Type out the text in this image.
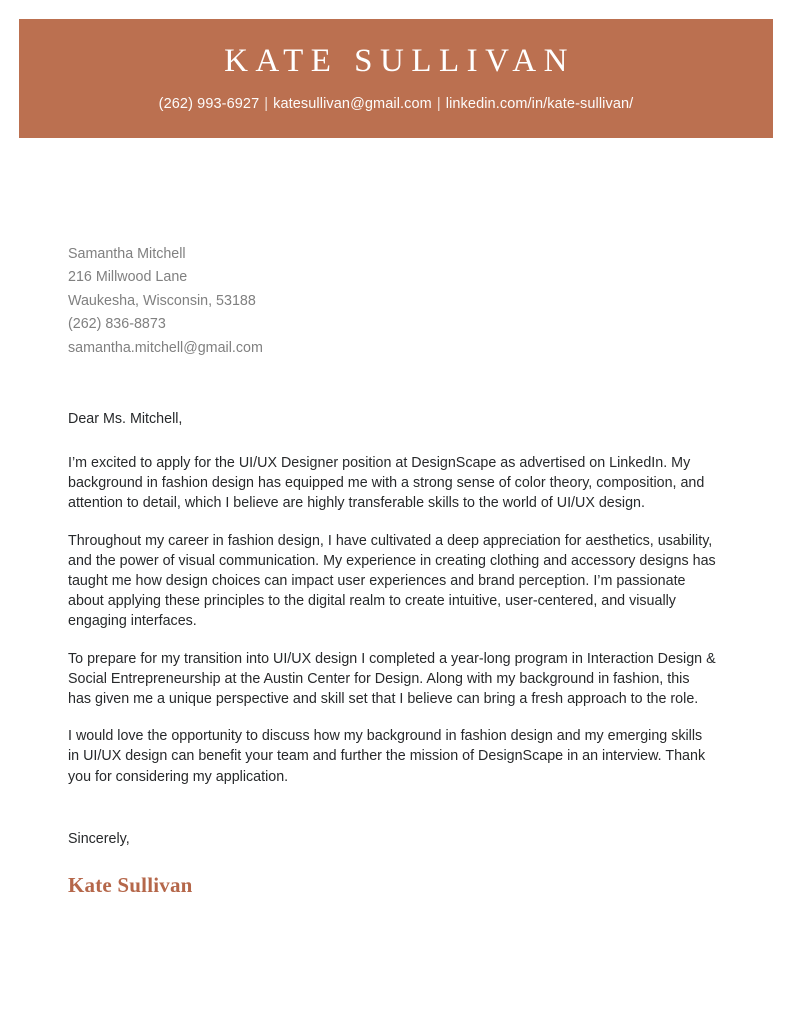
KATE SULLIVAN
(262) 993-6927 | katesullivan@gmail.com | linkedin.com/in/kate-sullivan/
Samantha Mitchell
216 Millwood Lane
Waukesha, Wisconsin, 53188
(262) 836-8873
samantha.mitchell@gmail.com
Dear Ms. Mitchell,

I’m excited to apply for the UI/UX Designer position at DesignScape as advertised on LinkedIn. My background in fashion design has equipped me with a strong sense of color theory, composition, and attention to detail, which I believe are highly transferable skills to the world of UI/UX design.

Throughout my career in fashion design, I have cultivated a deep appreciation for aesthetics, usability, and the power of visual communication. My experience in creating clothing and accessory designs has taught me how design choices can impact user experiences and brand perception. I’m passionate about applying these principles to the digital realm to create intuitive, user-centered, and visually engaging interfaces.

To prepare for my transition into UI/UX design I completed a year-long program in Interaction Design & Social Entrepreneurship at the Austin Center for Design. Along with my background in fashion, this has given me a unique perspective and skill set that I believe can bring a fresh approach to the role.

I would love the opportunity to discuss how my background in fashion design and my emerging skills in UI/UX design can benefit your team and further the mission of DesignScape in an interview. Thank you for considering my application.

Sincerely,
Kate Sullivan
